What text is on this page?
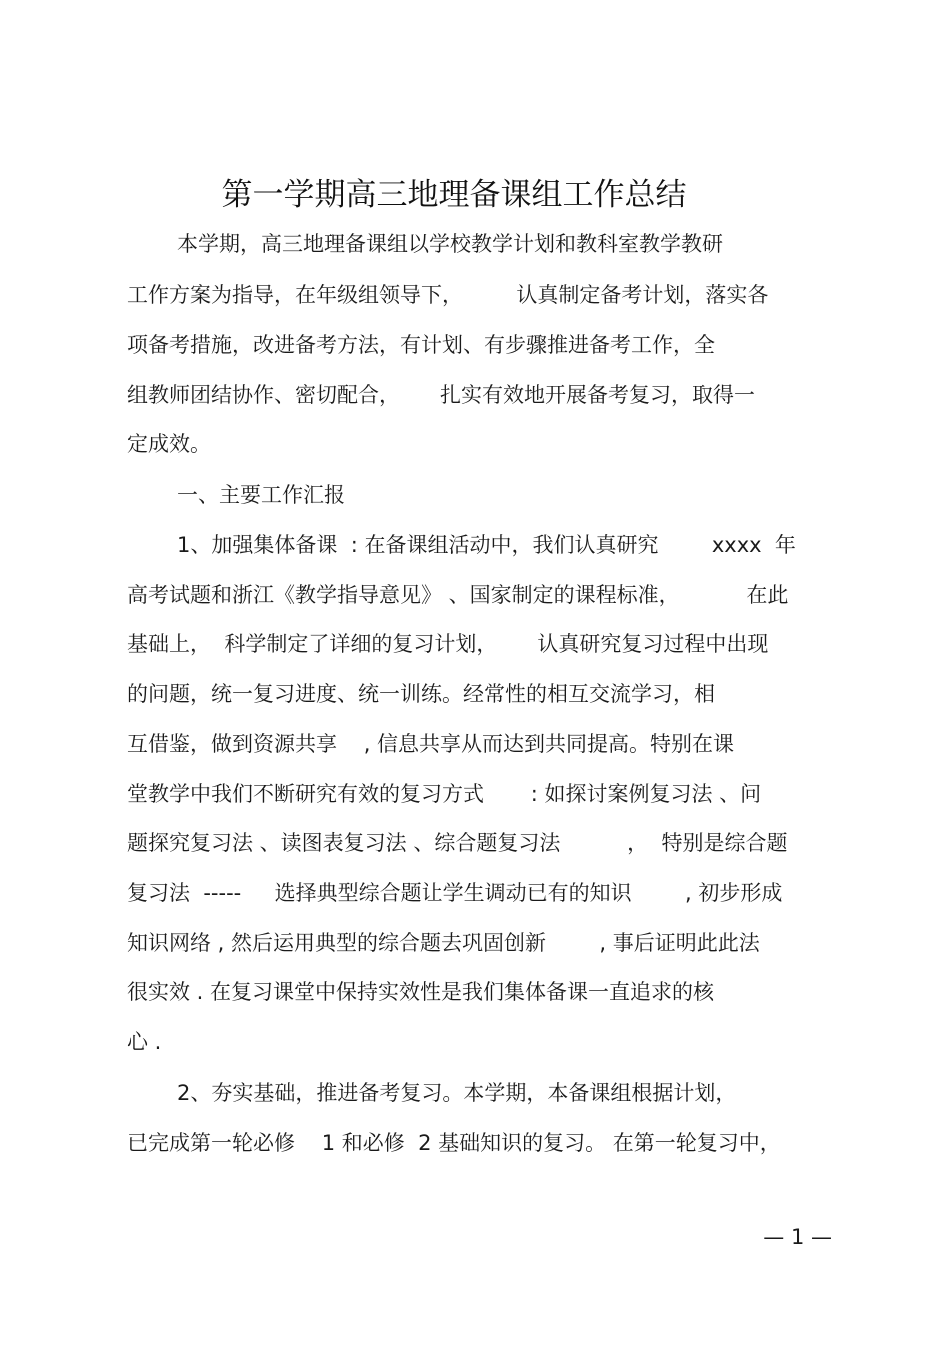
第一学期高三地理备课组工作总结
本学期，高三地理备课组以学校教学计划和教科室教学教研
工作方案为指导，在年级组领导下，        认真制定备考计划，落实各
项备考措施，改进备考方法，有计划、有步骤推进备考工作，全
组教师团结协作、密切配合，      扎实有效地开展备考复习，取得一
定成效。
一、主要工作汇报
1、加强集体备课  : 在备课组活动中，我们认真研究        xxxx  年
高考试题和浙江《教学指导意见》 、国家制定的课程标准，          在此
基础上，  科学制定了详细的复习计划，      认真研究复习过程中出现
的问题，统一复习进度、统一训练。经常性的相互交流学习，相
互借鉴，做到资源共享    , 信息共享从而达到共同提高。特别在课
堂教学中我们不断研究有效的复习方式       : 如探讨案例复习法 、问
题探究复习法 、读图表复习法 、综合题复习法          ，  特别是综合题
复习法  -----     选择典型综合题让学生调动已有的知识        , 初步形成
知识网络 , 然后运用典型的综合题去巩固创新        , 事后证明此此法
很实效 . 在复习课堂中保持实效性是我们集体备课一直追求的核
心 .
2、夯实基础，推进备考复习。本学期，本备课组根据计划，
已完成第一轮必修    1 和必修  2 基础知识的复习。 在第一轮复习中，
— 1 —
